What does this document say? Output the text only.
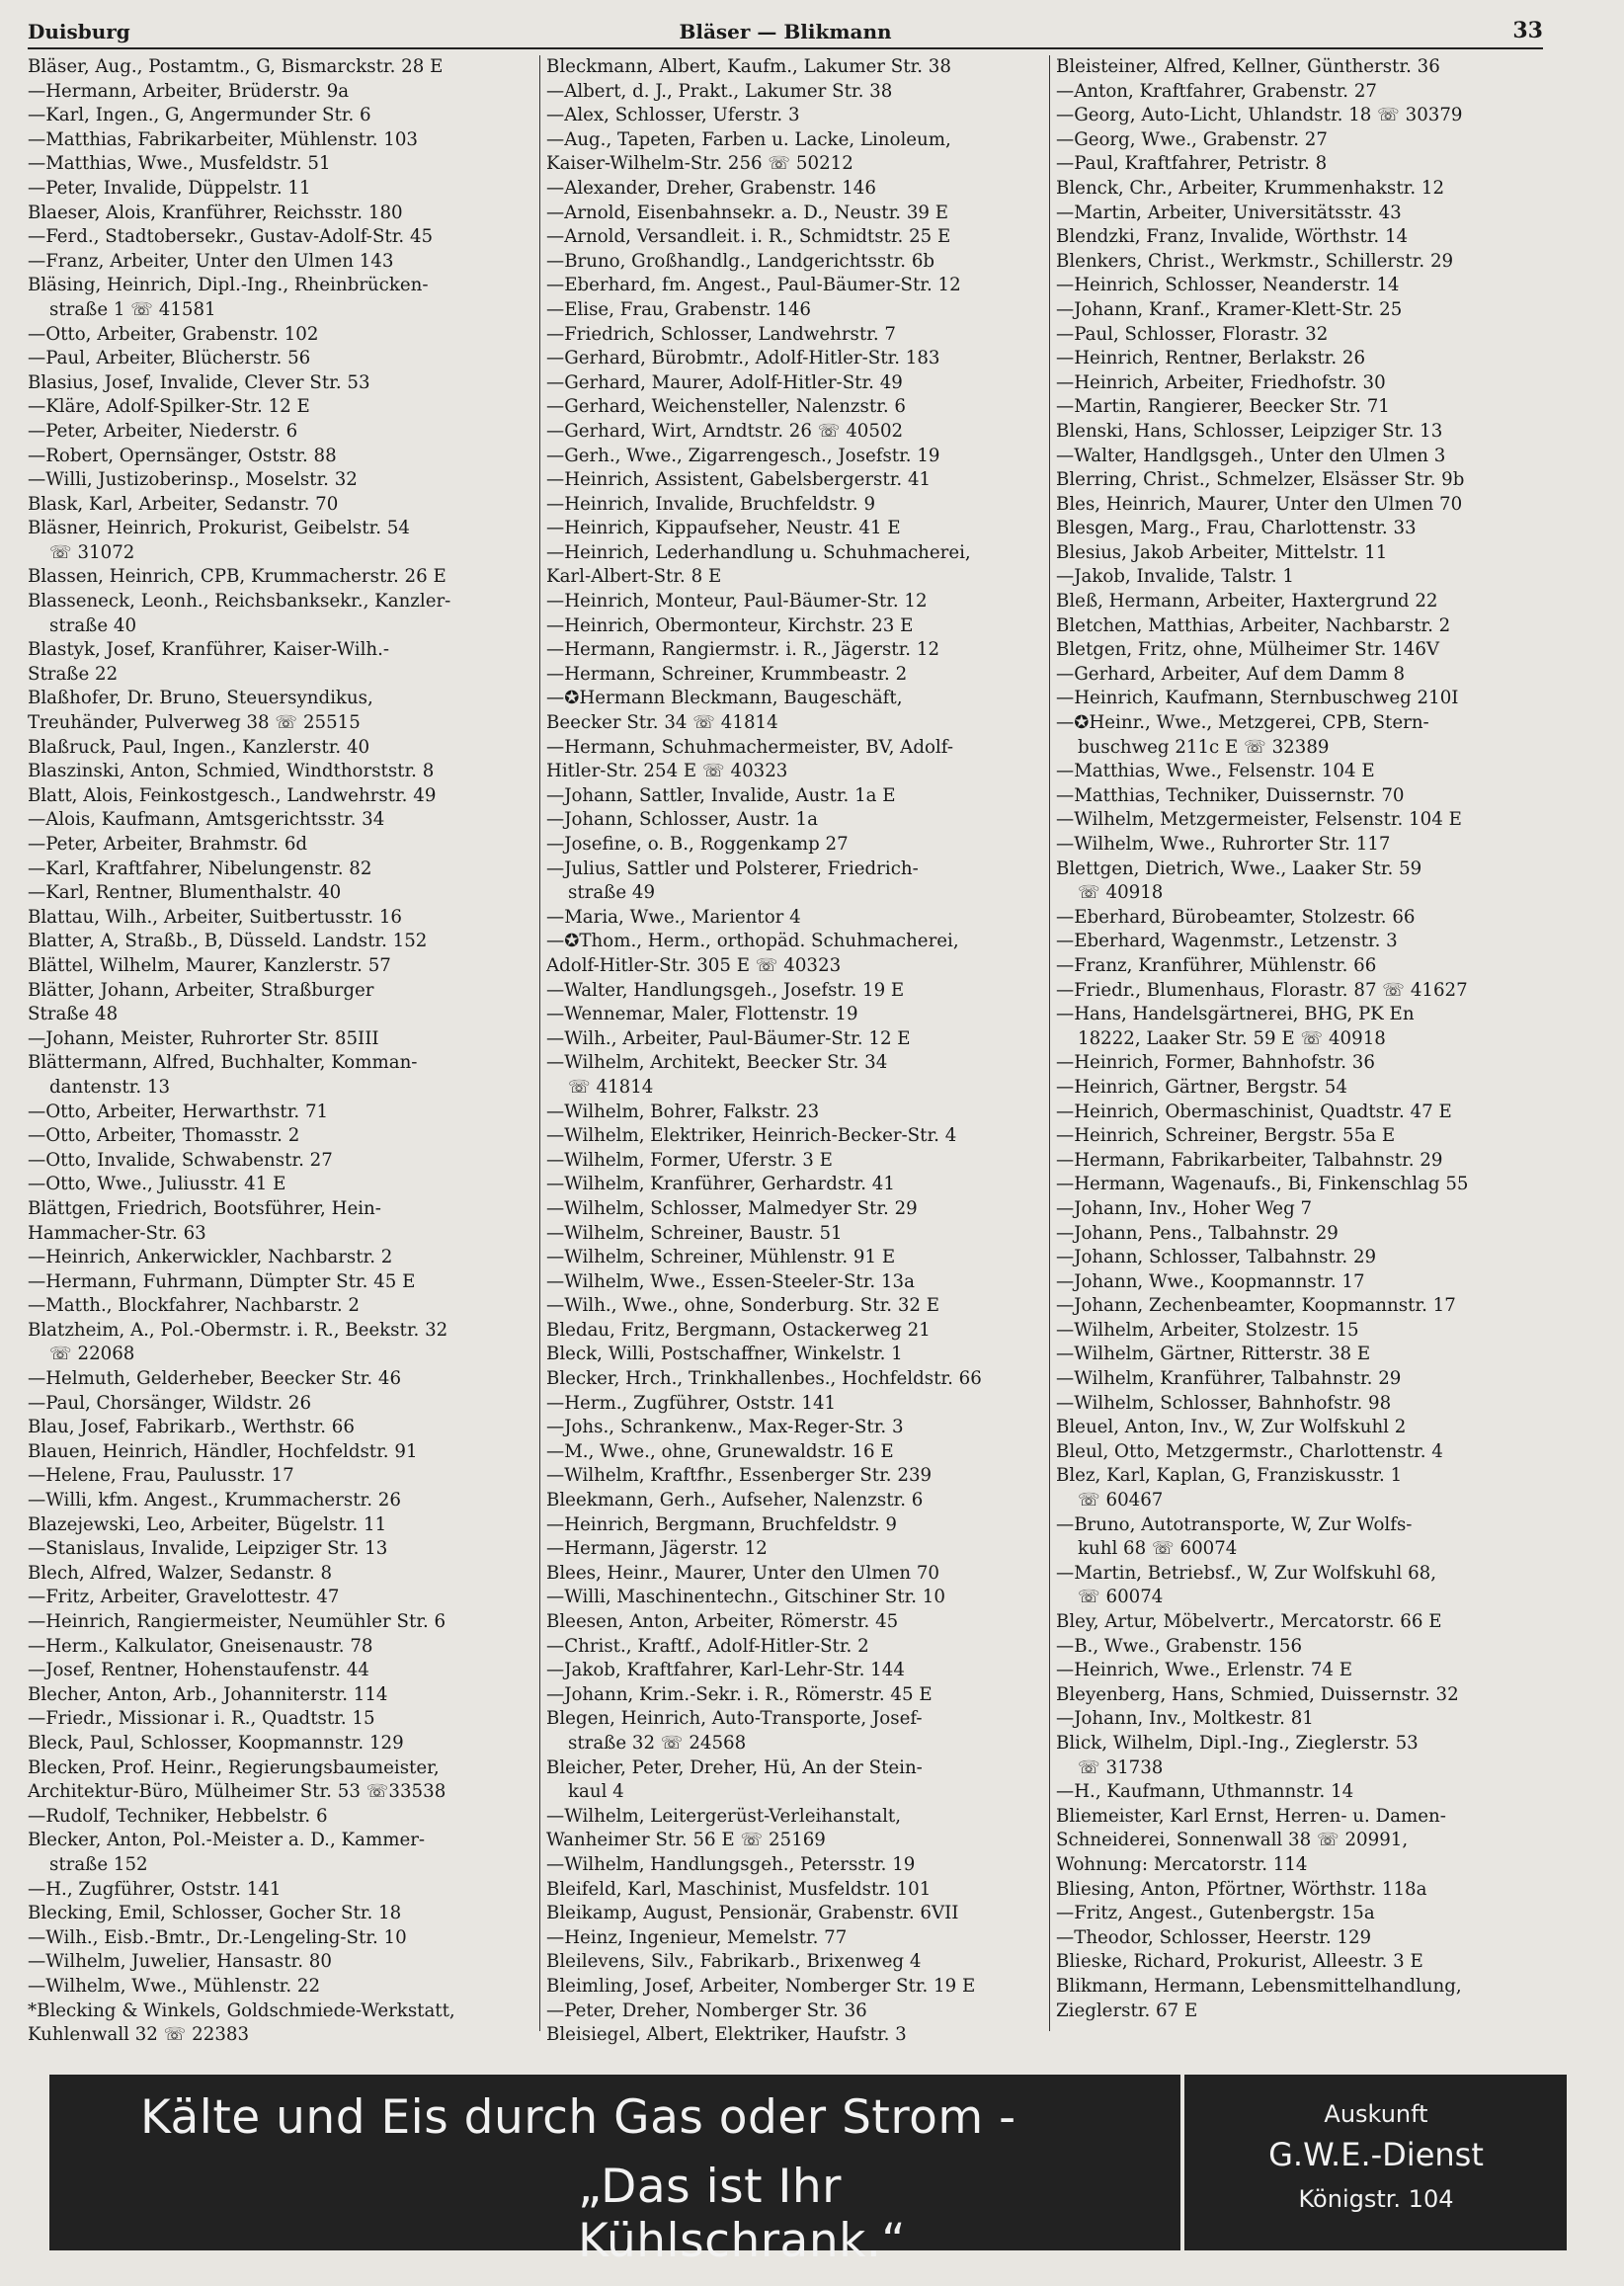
Duisburg	Bläser — Blikmann	33
Bläser, Aug., Postamtm., G, Bismarckstr. 28 E
—Hermann, Arbeiter, Brüderstr. 9a
—Karl, Ingen., G, Angermunder Str. 6
—Matthias, Fabrikarbeiter, Mühlenstr. 103
—Matthias, Wwe., Musfeldstr. 51
—Peter, Invalide, Düppelstr. 11
Blaeser, Alois, Kranführer, Reichsstr. 180
—Ferd., Stadtobersekr., Gustav-Adolf-Str. 45
—Franz, Arbeiter, Unter den Ulmen 143
Bläsing, Heinrich, Dipl.-Ing., Rheinbrücken-
straße 1 ☏ 41581
—Otto, Arbeiter, Grabenstr. 102
—Paul, Arbeiter, Blücherstr. 56
Blasius, Josef, Invalide, Clever Str. 53
—Kläre, Adolf-Spilker-Str. 12 E
—Peter, Arbeiter, Niederstr. 6
—Robert, Opernsänger, Oststr. 88
—Willi, Justizoberinsp., Moselstr. 32
Blask, Karl, Arbeiter, Sedanstr. 70
Bläsner, Heinrich, Prokurist, Geibelstr. 54
☏ 31072
Blassen, Heinrich, CPB, Krummacherstr. 26 E
Blasseneck, Leonh., Reichsbanksekr., Kanzler-
straße 40
Blastyk, Josef, Kranführer, Kaiser-Wilh.-
Straße 22
Blaßhofer, Dr. Bruno, Steuersyndikus,
Treuhänder, Pulverweg 38 ☏ 25515
Blaßruck, Paul, Ingen., Kanzlerstr. 40
Blaszinski, Anton, Schmied, Windthorststr. 8
Blatt, Alois, Feinkostgesch., Landwehrstr. 49
—Alois, Kaufmann, Amtsgerichtsstr. 34
—Peter, Arbeiter, Brahmstr. 6d
—Karl, Kraftfahrer, Nibelungenstr. 82
—Karl, Rentner, Blumenthalstr. 40
Blattau, Wilh., Arbeiter, Suitbertusstr. 16
Blatter, A, Straßb., B, Düsseld. Landstr. 152
Blättel, Wilhelm, Maurer, Kanzlerstr. 57
Blätter, Johann, Arbeiter, Straßburger
Straße 48
—Johann, Meister, Ruhrorter Str. 85III
Blättermann, Alfred, Buchhalter, Komman-
dantenstr. 13
—Otto, Arbeiter, Herwarthstr. 71
—Otto, Arbeiter, Thomasstr. 2
—Otto, Invalide, Schwabenstr. 27
—Otto, Wwe., Juliusstr. 41 E
Blättgen, Friedrich, Bootsführer, Hein-
Hammacher-Str. 63
—Heinrich, Ankerwickler, Nachbarstr. 2
—Hermann, Fuhrmann, Dümpter Str. 45 E
—Matth., Blockfahrer, Nachbarstr. 2
Blatzheim, A., Pol.-Obermstr. i. R., Beekstr. 32
☏ 22068
—Helmuth, Gelderheber, Beecker Str. 46
—Paul, Chorsänger, Wildstr. 26
Blau, Josef, Fabrikarb., Werthstr. 66
Blauen, Heinrich, Händler, Hochfeldstr. 91
—Helene, Frau, Paulusstr. 17
—Willi, kfm. Angest., Krummacherstr. 26
Blazejewski, Leo, Arbeiter, Bügelstr. 11
—Stanislaus, Invalide, Leipziger Str. 13
Blech, Alfred, Walzer, Sedanstr. 8
—Fritz, Arbeiter, Gravelottestr. 47
—Heinrich, Rangiermeister, Neumühler Str. 6
—Herm., Kalkulator, Gneisenaustr. 78
—Josef, Rentner, Hohenstaufenstr. 44
Blecher, Anton, Arb., Johanniterstr. 114
—Friedr., Missionar i. R., Quadtstr. 15
Bleck, Paul, Schlosser, Koopmannstr. 129
Blecken, Prof. Heinr., Regierungsbaumeister,
Architektur-Büro, Mülheimer Str. 53 ☏33538
—Rudolf, Techniker, Hebbelstr. 6
Blecker, Anton, Pol.-Meister a. D., Kammer-
straße 152
—H., Zugführer, Oststr. 141
Blecking, Emil, Schlosser, Gocher Str. 18
—Wilh., Eisb.-Bmtr., Dr.-Lengeling-Str. 10
—Wilhelm, Juwelier, Hansastr. 80
—Wilhelm, Wwe., Mühlenstr. 22
*Blecking & Winkels, Goldschmiede-Werkstatt,
Kuhlenwall 32 ☏ 22383
Bleckmann, Albert, Kaufm., Lakumer Str. 38
—Albert, d. J., Prakt., Lakumer Str. 38
—Alex, Schlosser, Uferstr. 3
—Aug., Tapeten, Farben u. Lacke, Linoleum,
Kaiser-Wilhelm-Str. 256 ☏ 50212
—Alexander, Dreher, Grabenstr. 146
—Arnold, Eisenbahnsekr. a. D., Neustr. 39 E
—Arnold, Versandleit. i. R., Schmidtstr. 25 E
—Bruno, Großhandlg., Landgerichtsstr. 6b
—Eberhard, fm. Angest., Paul-Bäumer-Str. 12
—Elise, Frau, Grabenstr. 146
—Friedrich, Schlosser, Landwehrstr. 7
—Gerhard, Bürobmtr., Adolf-Hitler-Str. 183
—Gerhard, Maurer, Adolf-Hitler-Str. 49
—Gerhard, Weichensteller, Nalenzstr. 6
—Gerhard, Wirt, Arndtstr. 26 ☏ 40502
—Gerh., Wwe., Zigarrengesch., Josefstr. 19
—Heinrich, Assistent, Gabelsbergerstr. 41
—Heinrich, Invalide, Bruchfeldstr. 9
—Heinrich, Kippaufseher, Neustr. 41 E
—Heinrich, Lederhandlung u. Schuhmacherei,
Karl-Albert-Str. 8 E
—Heinrich, Monteur, Paul-Bäumer-Str. 12
—Heinrich, Obermonteur, Kirchstr. 23 E
—Hermann, Rangiermstr. i. R., Jägerstr. 12
—Hermann, Schreiner, Krummbeastr. 2
—✪Hermann Bleckmann, Baugeschäft,
Beecker Str. 34 ☏ 41814
—Hermann, Schuhmachermeister, BV, Adolf-
Hitler-Str. 254 E ☏ 40323
—Johann, Sattler, Invalide, Austr. 1a E
—Johann, Schlosser, Austr. 1a
—Josefine, o. B., Roggenkamp 27
—Julius, Sattler und Polsterer, Friedrich-
straße 49
—Maria, Wwe., Marientor 4
—✪Thom., Herm., orthopäd. Schuhmacherei,
Adolf-Hitler-Str. 305 E ☏ 40323
—Walter, Handlungsgeh., Josefstr. 19 E
—Wennemar, Maler, Flottenstr. 19
—Wilh., Arbeiter, Paul-Bäumer-Str. 12 E
—Wilhelm, Architekt, Beecker Str. 34
☏ 41814
—Wilhelm, Bohrer, Falkstr. 23
—Wilhelm, Elektriker, Heinrich-Becker-Str. 4
—Wilhelm, Former, Uferstr. 3 E
—Wilhelm, Kranführer, Gerhardstr. 41
—Wilhelm, Schlosser, Malmedyer Str. 29
—Wilhelm, Schreiner, Baustr. 51
—Wilhelm, Schreiner, Mühlenstr. 91 E
—Wilhelm, Wwe., Essen-Steeler-Str. 13a
—Wilh., Wwe., ohne, Sonderburg. Str. 32 E
Bledau, Fritz, Bergmann, Ostackerweg 21
Bleck, Willi, Postschaffner, Winkelstr. 1
Blecker, Hrch., Trinkhallenbes., Hochfeldstr. 66
—Herm., Zugführer, Oststr. 141
—Johs., Schrankenw., Max-Reger-Str. 3
—M., Wwe., ohne, Grunewaldstr. 16 E
—Wilhelm, Kraftfhr., Essenberger Str. 239
Bleekmann, Gerh., Aufseher, Nalenzstr. 6
—Heinrich, Bergmann, Bruchfeldstr. 9
—Hermann, Jägerstr. 12
Blees, Heinr., Maurer, Unter den Ulmen 70
—Willi, Maschinentechn., Gitschiner Str. 10
Bleesen, Anton, Arbeiter, Römerstr. 45
—Christ., Kraftf., Adolf-Hitler-Str. 2
—Jakob, Kraftfahrer, Karl-Lehr-Str. 144
—Johann, Krim.-Sekr. i. R., Römerstr. 45 E
Blegen, Heinrich, Auto-Transporte, Josef-
straße 32 ☏ 24568
Bleicher, Peter, Dreher, Hü, An der Stein-
kaul 4
—Wilhelm, Leitergerüst-Verleihanstalt,
Wanheimer Str. 56 E ☏ 25169
—Wilhelm, Handlungsgeh., Petersstr. 19
Bleifeld, Karl, Maschinist, Musfeldstr. 101
Bleikamp, August, Pensionär, Grabenstr. 6VII
—Heinz, Ingenieur, Memelstr. 77
Bleilevens, Silv., Fabrikarb., Brixenweg 4
Bleimling, Josef, Arbeiter, Nomberger Str. 19 E
—Peter, Dreher, Nomberger Str. 36
Bleisiegel, Albert, Elektriker, Haufstr. 3
Bleisteiner, Alfred, Kellner, Güntherstr. 36
—Anton, Kraftfahrer, Grabenstr. 27
—Georg, Auto-Licht, Uhlandstr. 18 ☏ 30379
—Georg, Wwe., Grabenstr. 27
—Paul, Kraftfahrer, Petristr. 8
Blenck, Chr., Arbeiter, Krummenhakstr. 12
—Martin, Arbeiter, Universitätsstr. 43
Blendzki, Franz, Invalide, Wörthstr. 14
Blenkers, Christ., Werkmstr., Schillerstr. 29
—Heinrich, Schlosser, Neanderstr. 14
—Johann, Kranf., Kramer-Klett-Str. 25
—Paul, Schlosser, Florastr. 32
—Heinrich, Rentner, Berlakstr. 26
—Heinrich, Arbeiter, Friedhofstr. 30
—Martin, Rangierer, Beecker Str. 71
Blenski, Hans, Schlosser, Leipziger Str. 13
—Walter, Handlgsgeh., Unter den Ulmen 3
Blerring, Christ., Schmelzer, Elsässer Str. 9b
Bles, Heinrich, Maurer, Unter den Ulmen 70
Blesgen, Marg., Frau, Charlottenstr. 33
Blesius, Jakob Arbeiter, Mittelstr. 11
—Jakob, Invalide, Talstr. 1
Bleß, Hermann, Arbeiter, Haxtergrund 22
Bletchen, Matthias, Arbeiter, Nachbarstr. 2
Bletgen, Fritz, ohne, Mülheimer Str. 146V
—Gerhard, Arbeiter, Auf dem Damm 8
—Heinrich, Kaufmann, Sternbuschweg 210I
—✪Heinr., Wwe., Metzgerei, CPB, Stern-
buschweg 211c E ☏ 32389
—Matthias, Wwe., Felsenstr. 104 E
—Matthias, Techniker, Duissernstr. 70
—Wilhelm, Metzgermeister, Felsenstr. 104 E
—Wilhelm, Wwe., Ruhrorter Str. 117
Blettgen, Dietrich, Wwe., Laaker Str. 59
☏ 40918
—Eberhard, Bürobeamter, Stolzestr. 66
—Eberhard, Wagenmstr., Letzenstr. 3
—Franz, Kranführer, Mühlenstr. 66
—Friedr., Blumenhaus, Florastr. 87 ☏ 41627
—Hans, Handelsgärtnerei, BHG, PK En
18222, Laaker Str. 59 E ☏ 40918
—Heinrich, Former, Bahnhofstr. 36
—Heinrich, Gärtner, Bergstr. 54
—Heinrich, Obermaschinist, Quadtstr. 47 E
—Heinrich, Schreiner, Bergstr. 55a E
—Hermann, Fabrikarbeiter, Talbahnstr. 29
—Hermann, Wagenaufs., Bi, Finkenschlag 55
—Johann, Inv., Hoher Weg 7
—Johann, Pens., Talbahnstr. 29
—Johann, Schlosser, Talbahnstr. 29
—Johann, Wwe., Koopmannstr. 17
—Johann, Zechenbeamter, Koopmannstr. 17
—Wilhelm, Arbeiter, Stolzestr. 15
—Wilhelm, Gärtner, Ritterstr. 38 E
—Wilhelm, Kranführer, Talbahnstr. 29
—Wilhelm, Schlosser, Bahnhofstr. 98
Bleuel, Anton, Inv., W, Zur Wolfskuhl 2
Bleul, Otto, Metzgermstr., Charlottenstr. 4
Blez, Karl, Kaplan, G, Franziskusstr. 1
☏ 60467
—Bruno, Autotransporte, W, Zur Wolfs-
kuhl 68 ☏ 60074
—Martin, Betriebsf., W, Zur Wolfskuhl 68,
☏ 60074
Bley, Artur, Möbelvertr., Mercatorstr. 66 E
—B., Wwe., Grabenstr. 156
—Heinrich, Wwe., Erlenstr. 74 E
Bleyenberg, Hans, Schmied, Duissernstr. 32
—Johann, Inv., Moltkestr. 81
Blick, Wilhelm, Dipl.-Ing., Zieglerstr. 53
☏ 31738
—H., Kaufmann, Uthmannstr. 14
Bliemeister, Karl Ernst, Herren- u. Damen-
Schneiderei, Sonnenwall 38 ☏ 20991,
Wohnung: Mercatorstr. 114
Bliesing, Anton, Pförtner, Wörthstr. 118a
—Fritz, Angest., Gutenbergstr. 15a
—Theodor, Schlosser, Heerstr. 129
Blieske, Richard, Prokurist, Alleestr. 3 E
Blikmann, Hermann, Lebensmittelhandlung,
Zieglerstr. 67 E
Kälte und Eis durch Gas oder Strom -
„Das ist Ihr Kühlschrank.“
Auskunft
G.W.E.-Dienst
Königstr. 104
